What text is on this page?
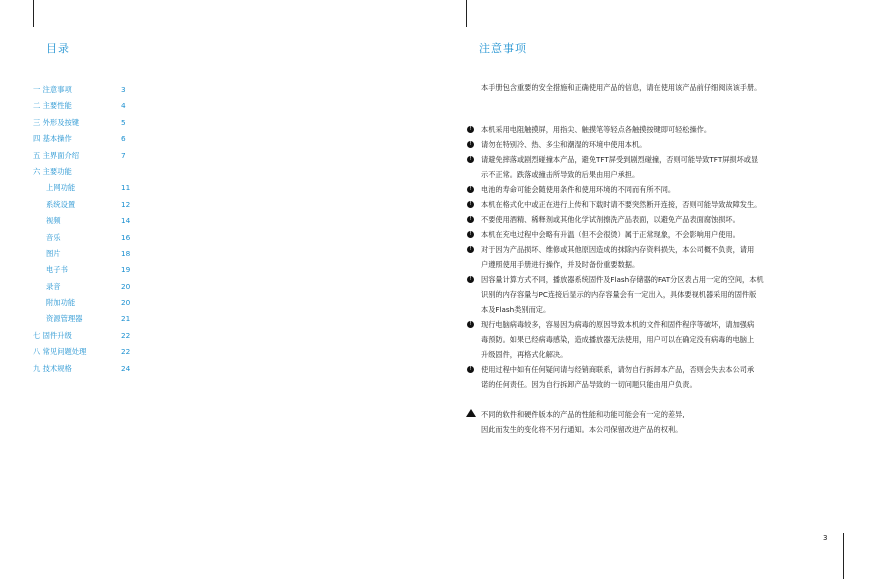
目录
一 注意事项	3
二 主要性能	4
三 外形及按键	5
四 基本操作	6
五 主界面介绍	7
六 主要功能
上网功能	11
系统设置	12
视频	14
音乐	16
图片	18
电子书	19
录音	20
附加功能	20
资源管理器	21
七 固件升级	22
八 常见问题处理	22
九 技术规格	24
注意事项
本手册包含重要的安全措施和正确使用产品的信息，请在使用该产品前仔细阅读该手册。
!	本机采用电阻触摸屏，用指尖、触摸笔等轻点各触摸按键即可轻松操作。
!	请勿在特别冷、热、多尘和潮湿的环境中使用本机。
!	请避免摔落或剧烈碰撞本产品，避免TFT屏受到剧烈碰撞，否则可能导致TFT屏损坏或显
示不正常。跌落或撞击所导致的后果由用户承担。
!	电池的寿命可能会随使用条件和使用环境的不同而有所不同。
!	本机在格式化中或正在进行上传和下载时请不要突然断开连接，否则可能导致故障发生。
!	不要使用酒精、稀释剂或其他化学试剂擦洗产品表面，以避免产品表面腐蚀损坏。
!	本机在充电过程中会略有升温（但不会很烫）属于正常现象，不会影响用户使用。
!	对于因为产品损坏、维修或其他原因造成的抹除内存资料损失，本公司概不负责，请用
户遵照使用手册进行操作，并及时备份重要数据。
!	因容量计算方式不同，播放器系统固件及Flash存储器的FAT分区表占用一定的空间，本机
识别的内存容量与PC连接后显示的内存容量会有一定出入，具体要视机器采用的固件版
本及Flash类别而定。
!	现行电脑病毒较多，容易因为病毒的原因导致本机的文件和固件程序等破坏，请加强病
毒预防。如果已经病毒感染，造成播放器无法使用，用户可以在确定没有病毒的电脑上
升级固件，再格式化解决。
!	使用过程中如有任何疑问请与经销商联系，请勿自行拆卸本产品，否则会失去本公司承
诺的任何责任。因为自行拆卸产品导致的一切问题只能由用户负责。
不同的软件和硬件版本的产品的性能和功能可能会有一定的差异,
因此而发生的变化将不另行通知。本公司保留改进产品的权利。
3
